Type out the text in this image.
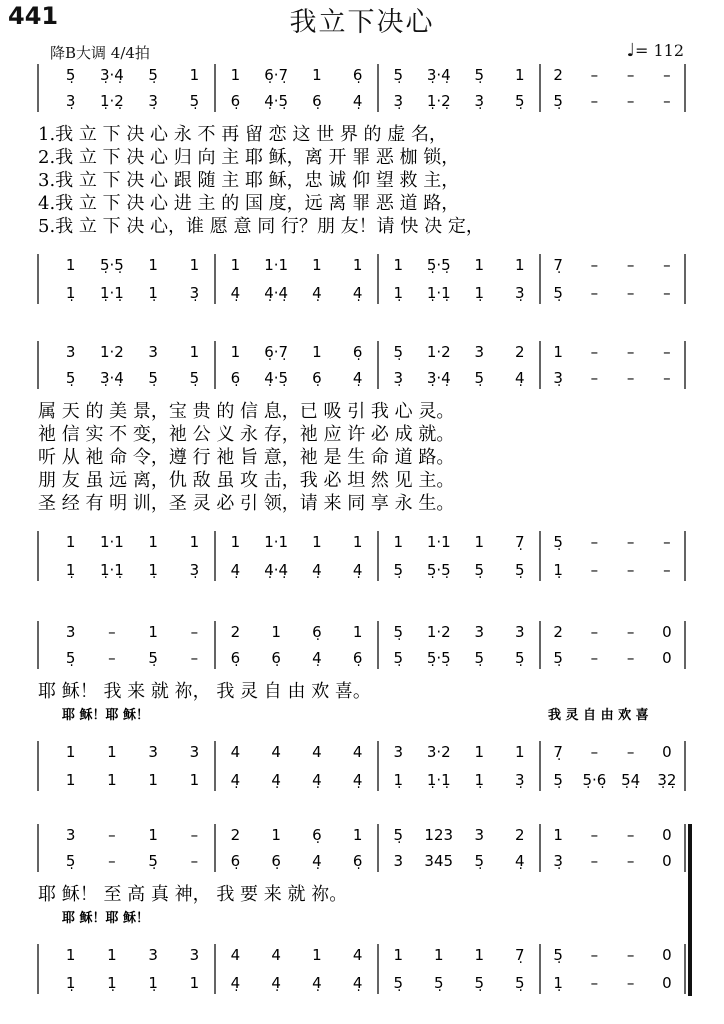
441	我立下决心
降B大调 4/4拍	♩= 112
5̣ 3̣·4̣ 5̣ 1 1 6̣·7̣ 1 6̣ 5̣ 3̣·4̣ 5̣ 1 2 – – –
3̣ 1̣·2̣ 3̣ 5̣ 6̣ 4̣·5̣ 6̣ 4̣ 3̣ 1̣·2̣ 3̣ 5̣ 5̣ – – –
1.我 立 下 决 心 永 不 再 留 恋 这 世 界 的 虚 名，
2.我 立 下 决 心 归 向 主 耶 稣，离 开 罪 恶 枷 锁，
3.我 立 下 决 心 跟 随 主 耶 稣，忠 诚 仰 望 救 主，
4.我 立 下 决 心 进 主 的 国 度，远 离 罪 恶 道 路，
5.我 立 下 决 心，谁 愿 意 同 行？朋 友！请 快 决 定，
1 5̣·5̣ 1 1 1 1·1 1 1 1 5̣·5̣ 1 1 7̣ – – –
1̣ 1̣·1̣ 1̣ 3̣ 4̣ 4̣·4̣ 4̣ 4̣ 1̣ 1̣·1̣ 1̣ 3̣ 5̣ – – –
3 1·2 3 1 1 6̣·7̣ 1 6̣ 5̣ 1·2 3 2 1 – – –
5̣ 3̣·4̣ 5̣ 5̣ 6̣ 4̣·5̣ 6̣ 4̣ 3̣ 3̣·4̣ 5̣ 4̣ 3̣ – – –
属 天 的 美 景，宝 贵 的 信 息，已 吸 引 我 心 灵。
祂 信 实 不 变，祂 公 义 永 存，祂 应 许 必 成 就。
听 从 祂 命 令，遵 行 祂 旨 意，祂 是 生 命 道 路。
朋 友 虽 远 离，仇 敌 虽 攻 击，我 必 坦 然 见 主。
圣 经 有 明 训，圣 灵 必 引 领，请 来 同 享 永 生。
1 1·1 1 1 1 1·1 1 1 1 1·1 1 7̣ 5̣ – – –
1̣ 1̣·1̣ 1̣ 3̣ 4̣ 4̣·4̣ 4̣ 4̣ 5̣ 5̣·5̣ 5̣ 5̣ 1̣ – – –
3 – 1 – 2 1 6̣ 1 5̣ 1·2 3 3 2 – – 0
5̣ – 5̣ – 6̣ 6̣ 4̣ 6̣ 5̣ 5̣·5̣ 5̣ 5̣ 5̣ – – 0
耶 稣！ 我 来 就 祢， 我 灵 自 由 欢 喜。
耶 稣！耶 稣！	我 灵 自 由 欢 喜
1 1 3 3 4 4 4 4 3 3·2 1 1 7̣ – – 0
1 1 1 1 4̣ 4̣ 4̣ 4̣ 1̣ 1̣·1̣ 1̣ 3̣ 5̣ 5̣·6̣ 5̣4̣ 3̣2̣
3 – 1 – 2 1 6̣ 1 5̣ 123 3 2 1 – – 0
5̣ – 5̣ – 6̣ 6̣ 4̣ 6̣ 3 345 5̣ 4̣ 3̣ – – 0
耶 稣！ 至 高 真 神， 我 要 来 就 祢。
耶 稣！耶 稣！
1 1 3 3 4 4 1 4 1 1 1 7̣ 5̣ – – 0
1̣ 1̣ 1̣ 1 4̣ 4̣ 4̣ 4̣ 5̣ 5̣ 5̣ 5̣ 1̣ – – 0
